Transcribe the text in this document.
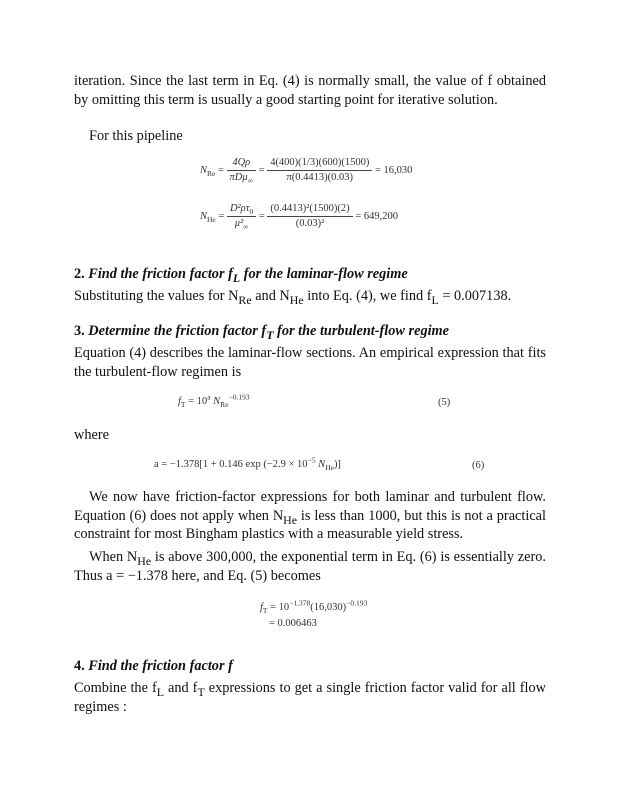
iteration. Since the last term in Eq. (4) is normally small, the value of f obtained by omitting this term is usually a good starting point for iterative solution.

For this pipeline

$N_{Re} = \frac{4Q\rho}{\pi D\mu_\infty} = \frac{4(400)(1/3)(600)(1500)}{\pi(0.4413)(0.03)} = 16,030$
$N_{He} = \frac{D^2\rho\tau_0}{\mu^2_\infty} = \frac{\text{(0.4413)²(1500)(2)}}{\text{(0.03)²}} = 649,200$

2. Find the friction factor $f_L$ for the laminar-flow regime

Substituting the values for $N_{Re}$ and $N_{He}$ into Eq. (4), we find $f_L = 0.007138$.

3. Determine the friction factor $f_T$ for the turbulent-flow regime

Equation (4) describes the laminar-flow sections. An empirical expression that fits the turbulent-flow regimen is

$f_T = 10^a$ $N_{Re}^{-0.193}$	(5)

where

a = −1.378[1 + 0.146 $\exp (-2.9 \times 10^{-5}$ $N_{He}$)]	(6)

We now have friction-factor expressions for both laminar and turbulent flow. Equation (6) does not apply when $N_{He}$ is less than 1000, but this is not a practical constraint for most Bingham plastics with a measurable yield stress.

When $N_{He}$ is above 300,000, the exponential term in Eq. (6) is essentially zero. Thus a = −1.378 here, and Eq. (5) becomes

$f_T = 10^{-1.378}(16,030)^{-0.193}$
= 0.006463

4. Find the friction factor f

Combine the $f_L$ and $f_T$ expressions to get a single friction factor valid for all flow regimes :
